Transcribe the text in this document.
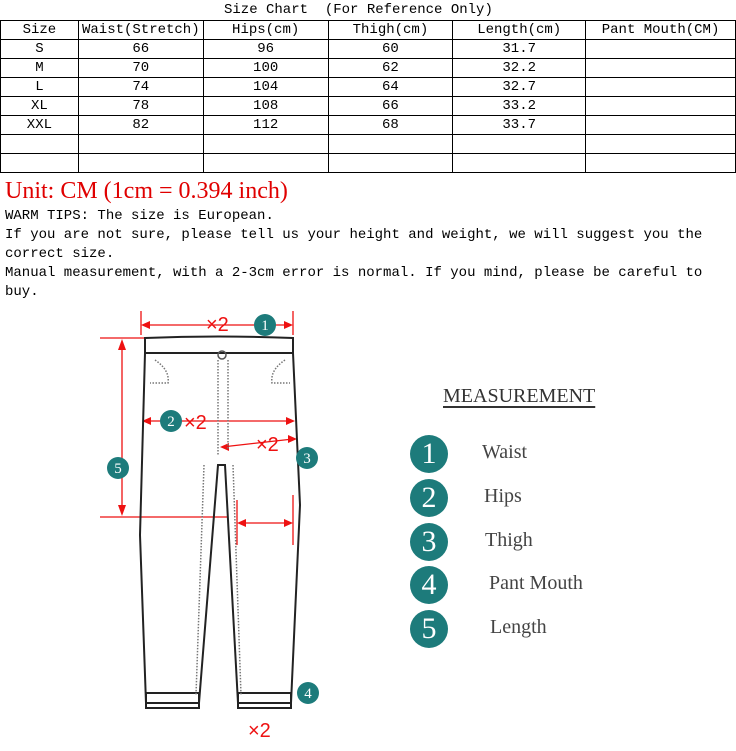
Size Chart  (For Reference Only)
Size	Waist(Stretch)	Hips(cm)	Thigh(cm)	Length(cm)	Pant Mouth(CM)
S	66	96	60	31.7	
M	70	100	62	32.2	
L	74	104	64	32.7	
XL	78	108	66	33.2	
XXL	82	112	68	33.7	

Unit: CM (1cm = 0.394 inch)

WARM TIPS: The size is European.

If you are not sure, please tell us your height and weight, we will suggest you the correct size.

Manual measurement, with a 2-3cm error is normal. If you mind, please be careful to buy.

×2
×2
×2
×2
1
2
3
4
5
MEASUREMENT
1	Waist
2	Hips
3	Thigh
4	Pant Mouth
5	Length
